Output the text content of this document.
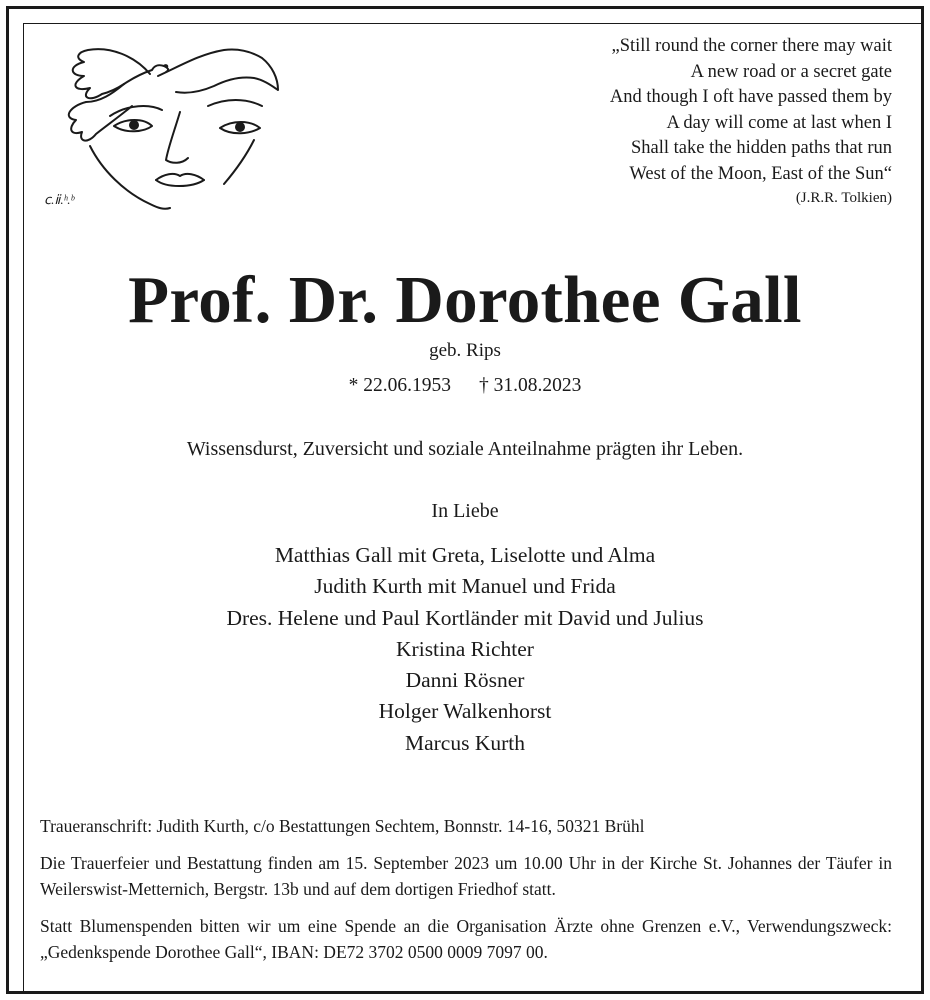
ⅽ.ⅱ.ʰ.ᵇ
„Still round the corner there may wait
A new road or a secret gate
And though I oft have passed them by
A day will come at last when I
Shall take the hidden paths that run
West of the Moon, East of the Sun“
(J.R.R. Tolkien)
Prof. Dr. Dorothee Gall
geb. Rips
* 22.06.1953 † 31.08.2023
Wissensdurst, Zuversicht und soziale Anteilnahme prägten ihr Leben.
In Liebe
Matthias Gall mit Greta, Liselotte und Alma
Judith Kurth mit Manuel und Frida
Dres. Helene und Paul Kortländer mit David und Julius
Kristina Richter
Danni Rösner
Holger Walkenhorst
Marcus Kurth

Traueranschrift: Judith Kurth, c/o Bestattungen Sechtem, Bonnstr. 14-16, 50321 Brühl

Die Trauerfeier und Bestattung finden am 15. September 2023 um 10.00 Uhr in der Kirche St. Johannes der Täufer in Weilerswist-Metternich, Bergstr. 13b und auf dem dortigen Friedhof statt.

Statt Blumenspenden bitten wir um eine Spende an die Organisation Ärzte ohne Grenzen e.V., Verwendungszweck: „Gedenkspende Dorothee Gall“, IBAN: DE72 3702 0500 0009 7097 00.
